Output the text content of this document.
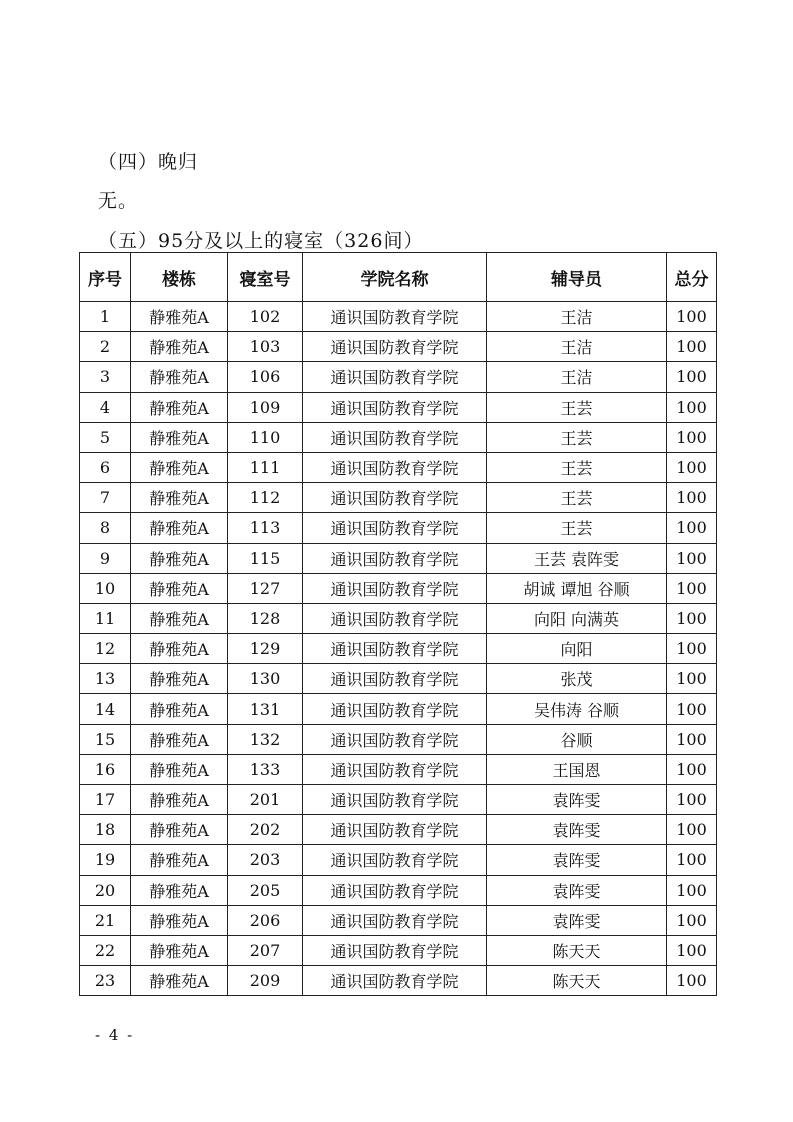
（四）晚归
无。
（五）95分及以上的寝室（326间）
序号	楼栋	寝室号	学院名称	辅导员	总分
1	静雅苑A	102	通识国防教育学院	王洁	100
2	静雅苑A	103	通识国防教育学院	王洁	100
3	静雅苑A	106	通识国防教育学院	王洁	100
4	静雅苑A	109	通识国防教育学院	王芸	100
5	静雅苑A	110	通识国防教育学院	王芸	100
6	静雅苑A	111	通识国防教育学院	王芸	100
7	静雅苑A	112	通识国防教育学院	王芸	100
8	静雅苑A	113	通识国防教育学院	王芸	100
9	静雅苑A	115	通识国防教育学院	王芸 袁阵雯	100
10	静雅苑A	127	通识国防教育学院	胡诚 谭旭 谷顺	100
11	静雅苑A	128	通识国防教育学院	向阳 向满英	100
12	静雅苑A	129	通识国防教育学院	向阳	100
13	静雅苑A	130	通识国防教育学院	张茂	100
14	静雅苑A	131	通识国防教育学院	吴伟涛 谷顺	100
15	静雅苑A	132	通识国防教育学院	谷顺	100
16	静雅苑A	133	通识国防教育学院	王国恩	100
17	静雅苑A	201	通识国防教育学院	袁阵雯	100
18	静雅苑A	202	通识国防教育学院	袁阵雯	100
19	静雅苑A	203	通识国防教育学院	袁阵雯	100
20	静雅苑A	205	通识国防教育学院	袁阵雯	100
21	静雅苑A	206	通识国防教育学院	袁阵雯	100
22	静雅苑A	207	通识国防教育学院	陈天天	100
23	静雅苑A	209	通识国防教育学院	陈天天	100
- 4 -
